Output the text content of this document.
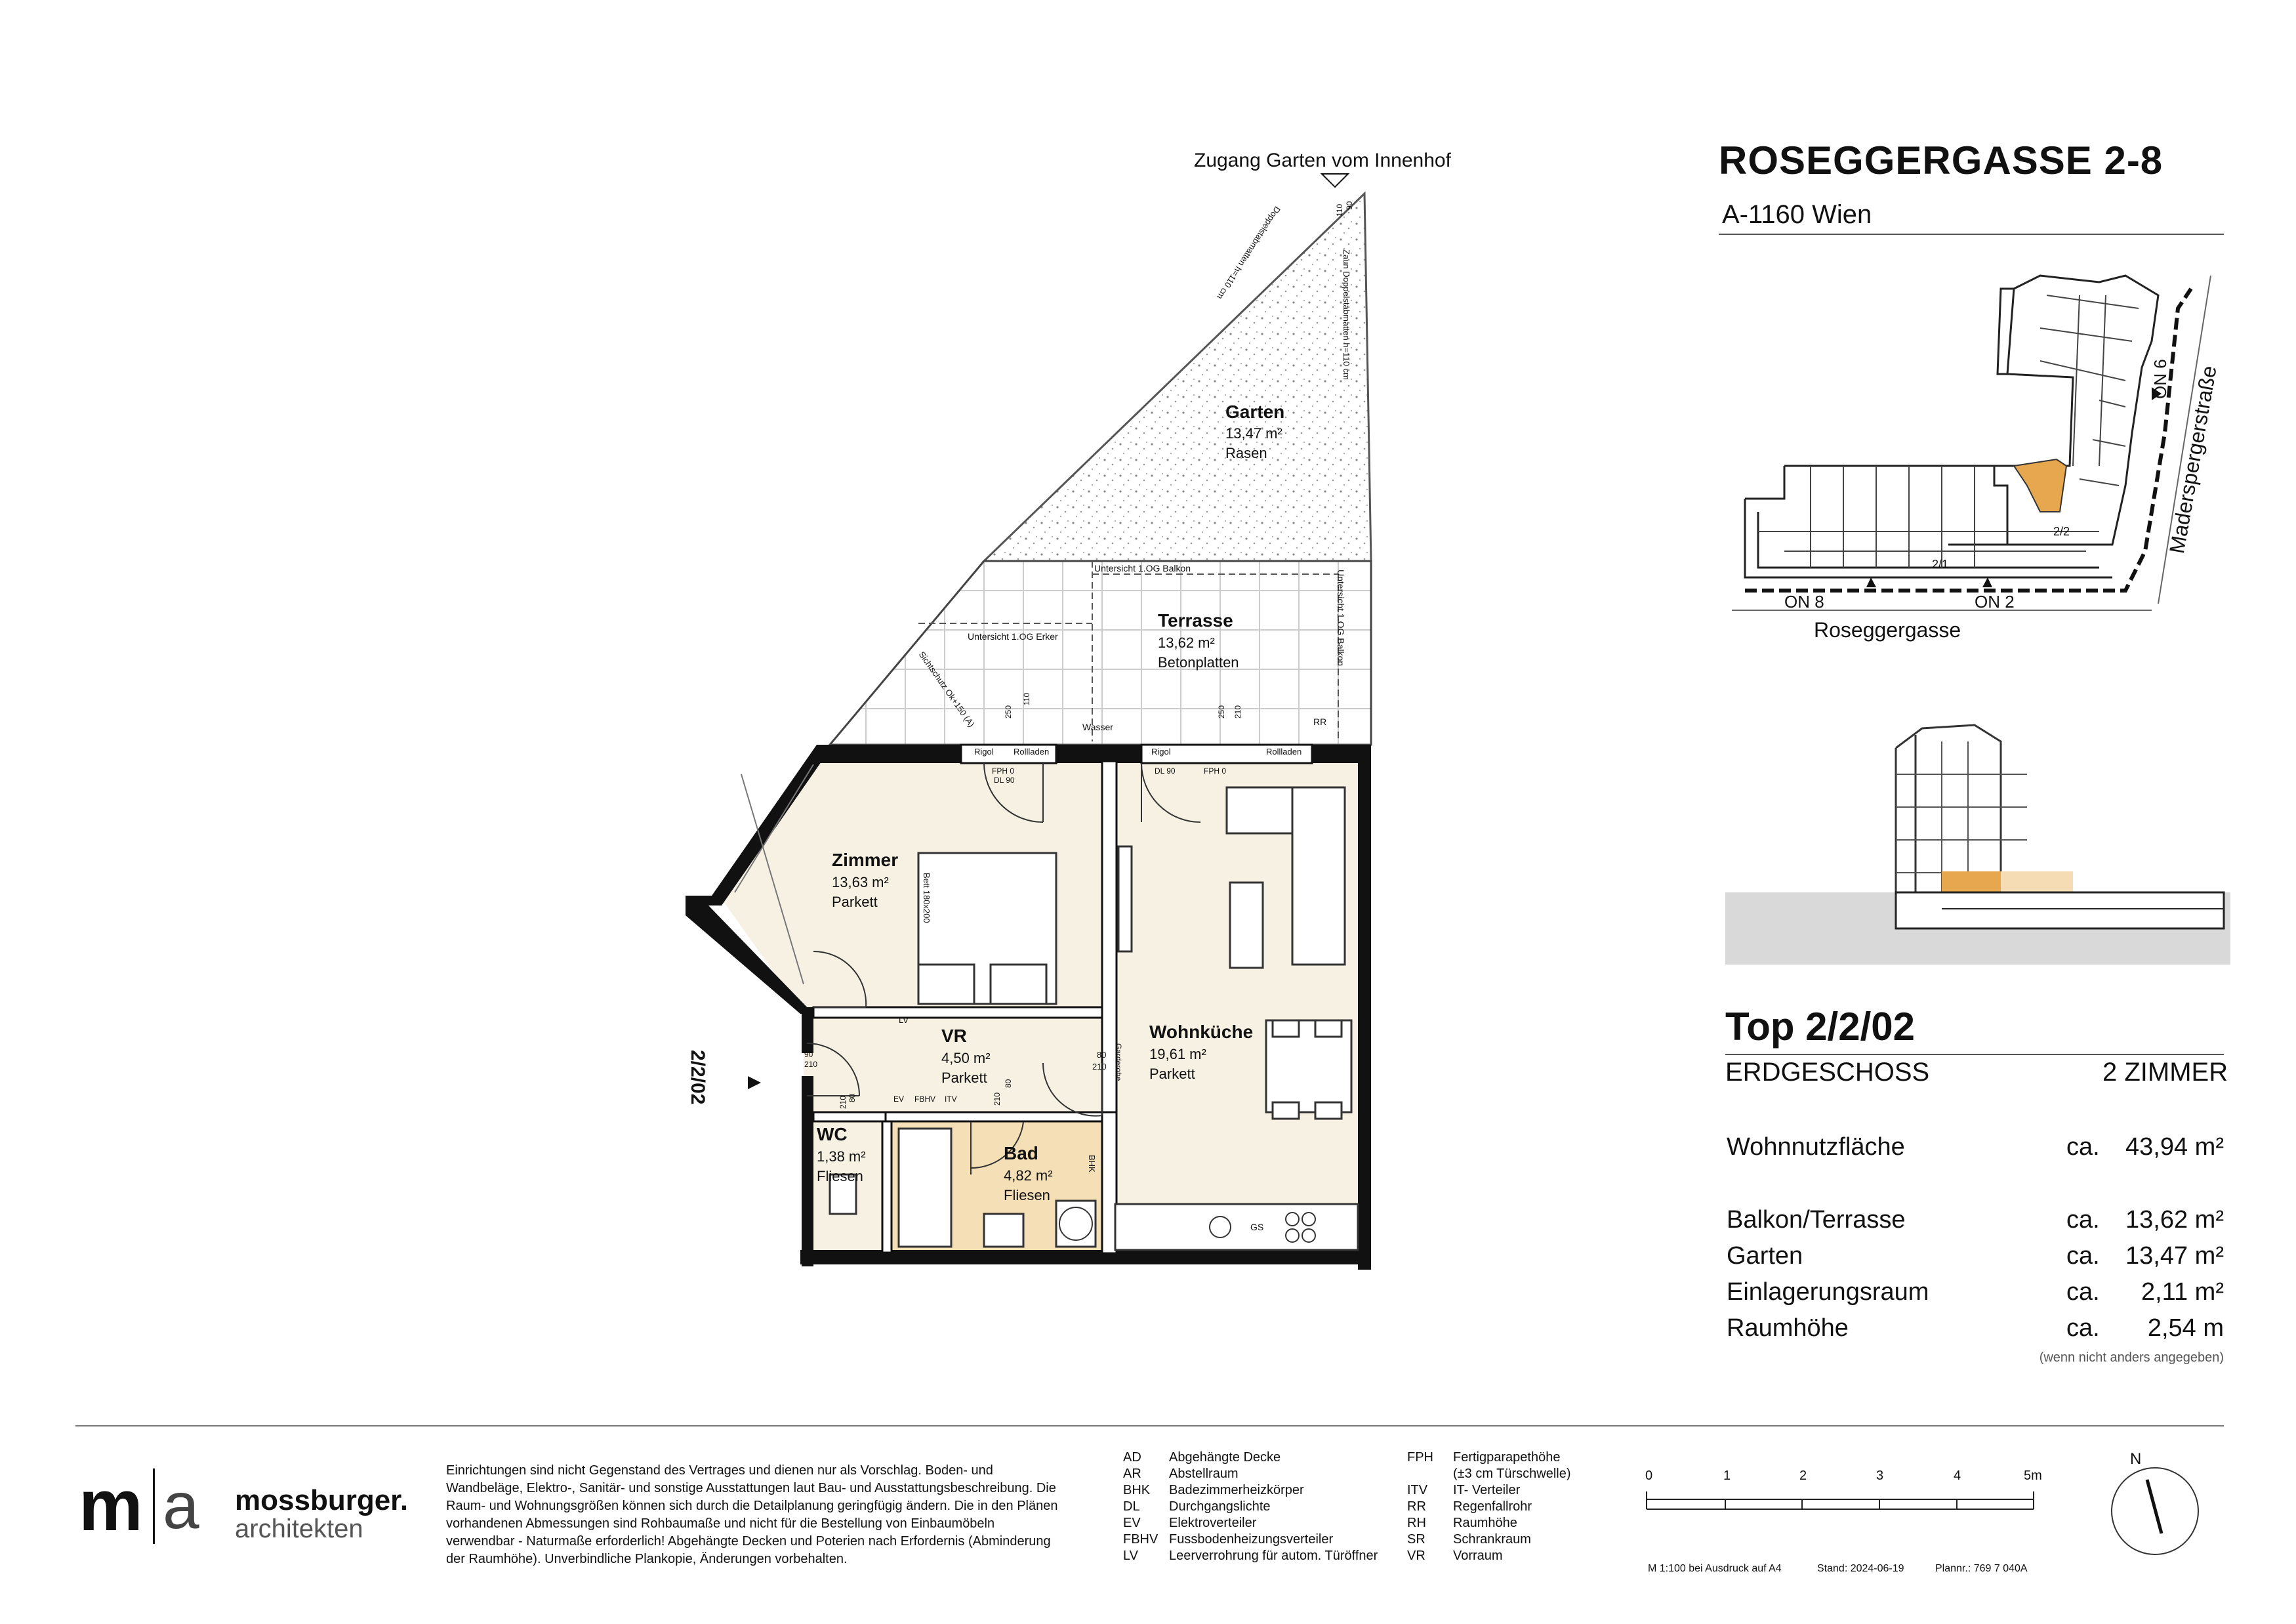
ROSEGGERGASSE 2-8
A-1160 Wien
ON 8	ON 2
ON 6
2/2
2/1
Roseggergasse
Maderspergerstraße
Top 2/2/02
ERDGESCHOSS	2 ZIMMER
Wohnnutzfläche	ca.	43,94 m²
Balkon/Terrasse	ca.	13,62 m²
Garten	ca.	13,47 m²
Einlagerungsraum	ca.	2,11 m²
Raumhöhe	ca.	2,54 m
(wenn nicht anders angegeben)
Zugang Garten vom Innenhof
2/2/02
Garten
13,47 m²
Rasen
Terrasse
13,62 m²
Betonplatten
Zimmer
13,63 m²
Parkett
Wohnküche
19,61 m²
Parkett
VR
4,50 m²
Parkett
WC
1,38 m²
Fliesen
Bad
4,82 m²
Fliesen
Untersicht 1.OG Balkon
Untersicht 1.OG Balkon
Untersicht 1.OG Erker
Doppelstabmatten h=110 cm	Zaun Doppelstabmatten h=110 cm
Sichtschutz Ok+150 (A)	Wasser	RR
Rigol Rollladen	Rigol	Rollladen
FPH 0
DL 90
DL 90	FPH 0
Bett 180x200
LV
EV FBHV ITV
BHK
GS
Garderobe
110
250	250 210
110 90
80
210
90
210
80
210
80
210
m a mossburger.
architekten
Einrichtungen sind nicht Gegenstand des Vertrages und dienen nur als Vorschlag. Boden- und Wandbeläge, Elektro-, Sanitär- und sonstige Ausstattungen laut Bau- und Ausstattungsbeschreibung. Die Raum- und Wohnungsgrößen können sich durch die Detailplanung geringfügig ändern. Die in den Plänen vorhandenen Abmessungen sind Rohbaumaße und nicht für die Bestellung von Einbaumöbeln verwendbar - Naturmaße erforderlich! Abgehängte Decken und Poterien nach Erfordernis (Abminderung der Raumhöhe). Unverbindliche Plankopie, Änderungen vorbehalten.
AD	Abgehängte Decke
AR	Abstellraum
BHK	Badezimmerheizkörper
DL	Durchgangslichte
EV	Elektroverteiler
FBHV	Fussbodenheizungsverteiler
LV	Leerverrohrung für autom. Türöffner
FPH	Fertigparapethöhe
	(±3 cm Türschwelle)
ITV	IT- Verteiler
RR	Regenfallrohr
RH	Raumhöhe
SR	Schrankraum
VR	Vorraum
0	1	2	3	4	5m
M 1:100 bei Ausdruck auf A4	Stand: 2024-06-19	Plannr.: 769 7 040A
N
